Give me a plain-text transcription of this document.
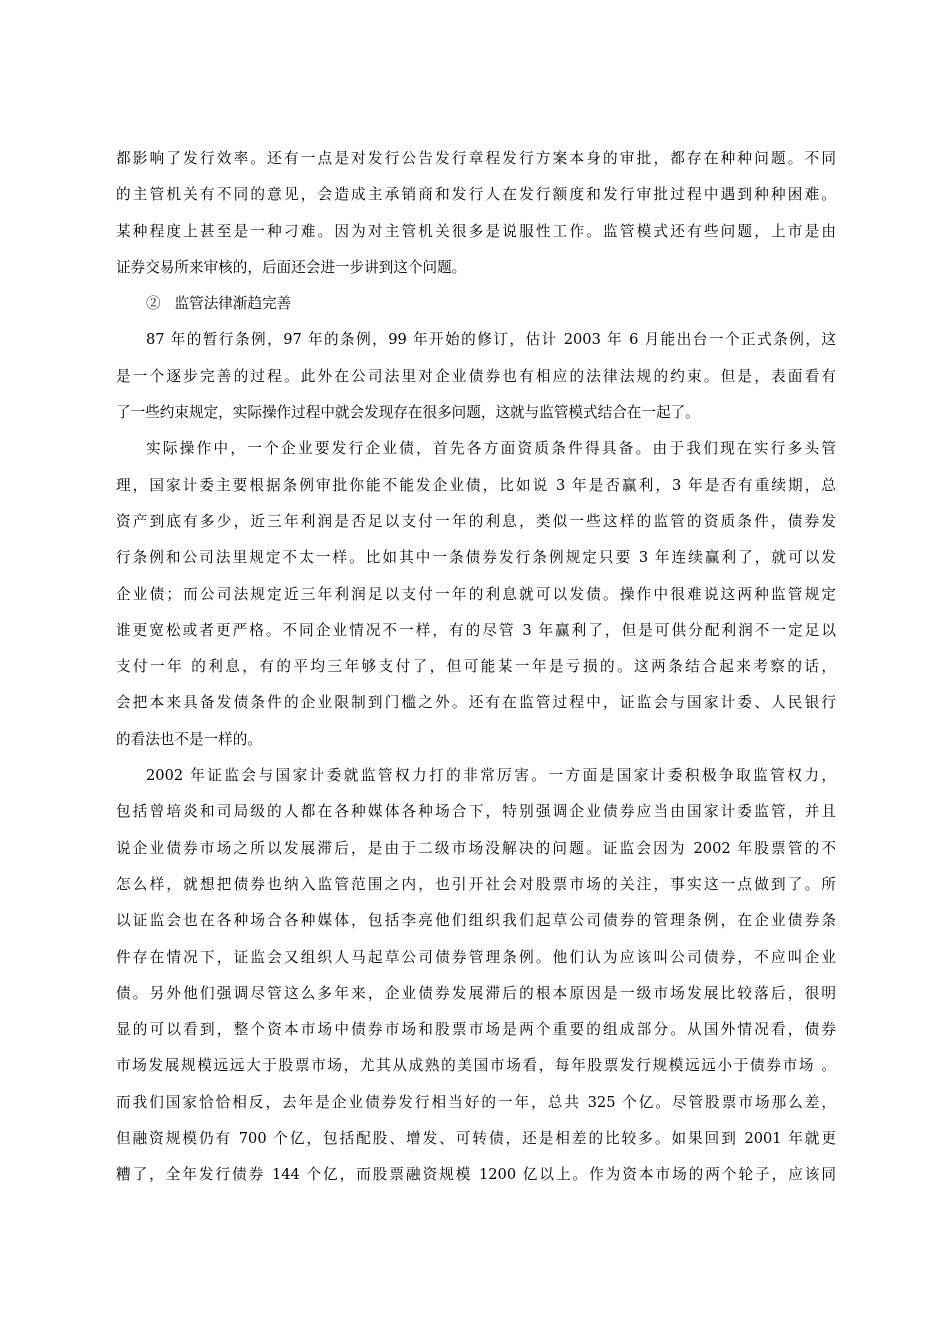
都影响了发行效率。还有一点是对发行公告发行章程发行方案本身的审批，都存在种种问题。不同
的主管机关有不同的意见，会造成主承销商和发行人在发行额度和发行审批过程中遇到种种困难。
某种程度上甚至是一种刁难。因为对主管机关很多是说服性工作。监管模式还有些问题，上市是由
证券交易所来审核的，后面还会进一步讲到这个问题。
②   监管法律渐趋完善
87 年的暂行条例，97 年的条例，99 年开始的修订，估计 2003 年 6 月能出台一个正式条例，这
是一个逐步完善的过程。此外在公司法里对企业债券也有相应的法律法规的约束。但是，表面看有
了一些约束规定，实际操作过程中就会发现存在很多问题，这就与监管模式结合在一起了。
实际操作中，一个企业要发行企业债，首先各方面资质条件得具备。由于我们现在实行多头管
理，国家计委主要根据条例审批你能不能发企业债，比如说 3 年是否赢利，3 年是否有重续期，总
资产到底有多少，近三年利润是否足以支付一年的利息，类似一些这样的监管的资质条件，债券发
行条例和公司法里规定不太一样。比如其中一条债券发行条例规定只要 3 年连续赢利了，就可以发
企业债；而公司法规定近三年利润足以支付一年的利息就可以发债。操作中很难说这两种监管规定
谁更宽松或者更严格。不同企业情况不一样，有的尽管 3 年赢利了，但是可供分配利润不一定足以
支付一年 的利息，有的平均三年够支付了，但可能某一年是亏损的。这两条结合起来考察的话，
会把本来具备发债条件的企业限制到门槛之外。还有在监管过程中，证监会与国家计委、人民银行
的看法也不是一样的。
2002 年证监会与国家计委就监管权力打的非常厉害。一方面是国家计委积极争取监管权力，
包括曾培炎和司局级的人都在各种媒体各种场合下，特别强调企业债券应当由国家计委监管，并且
说企业债券市场之所以发展滞后，是由于二级市场没解决的问题。证监会因为 2002 年股票管的不
怎么样，就想把债券也纳入监管范围之内，也引开社会对股票市场的关注，事实这一点做到了。所
以证监会也在各种场合各种媒体，包括李亮他们组织我们起草公司债券的管理条例，在企业债券条
件存在情况下，证监会又组织人马起草公司债券管理条例。他们认为应该叫公司债券，不应叫企业
债。另外他们强调尽管这么多年来，企业债券发展滞后的根本原因是一级市场发展比较落后，很明
显的可以看到，整个资本市场中债券市场和股票市场是两个重要的组成部分。从国外情况看，债券
市场发展规模远远大于股票市场，尤其从成熟的美国市场看，每年股票发行规模远远小于债券市场 。
而我们国家恰恰相反，去年是企业债券发行相当好的一年，总共 325 个亿。尽管股票市场那么差，
但融资规模仍有 700 个亿，包括配股、增发、可转债，还是相差的比较多。如果回到 2001 年就更
糟了，全年发行债券 144 个亿，而股票融资规模 1200 亿以上。作为资本市场的两个轮子，应该同
